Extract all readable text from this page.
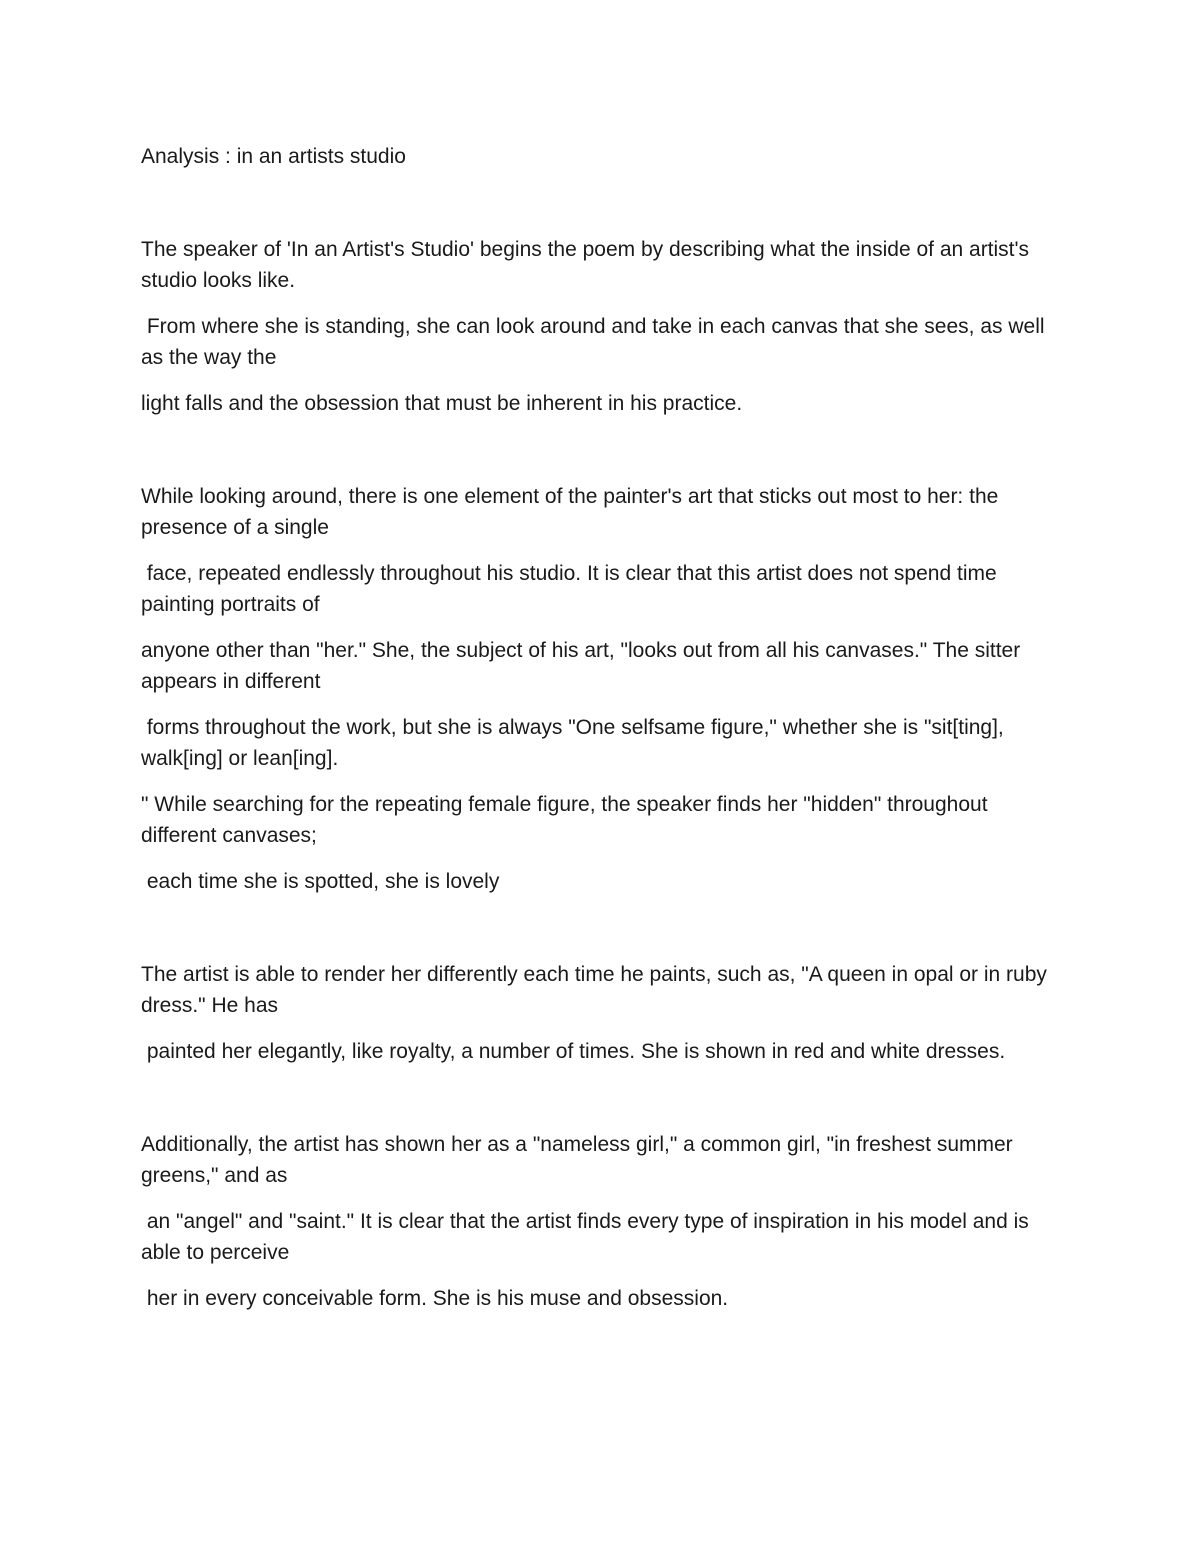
Analysis : in an artists studio

The speaker of 'In an Artist's Studio' begins the poem by describing what the inside of an artist's studio looks like.

From where she is standing, she can look around and take in each canvas that she sees, as well as the way the

light falls and the obsession that must be inherent in his practice.

While looking around, there is one element of the painter's art that sticks out most to her: the presence of a single

face, repeated endlessly throughout his studio. It is clear that this artist does not spend time painting portraits of

anyone other than "her." She, the subject of his art, "looks out from all his canvases." The sitter appears in different

forms throughout the work, but she is always "One selfsame figure," whether she is "sit[ting], walk[ing] or lean[ing].

" While searching for the repeating female figure, the speaker finds her "hidden" throughout different canvases;

each time she is spotted, she is lovely

The artist is able to render her differently each time he paints, such as, "A queen in opal or in ruby dress." He has

painted her elegantly, like royalty, a number of times. She is shown in red and white dresses.

Additionally, the artist has shown her as a "nameless girl," a common girl, "in freshest summer greens," and as

an "angel" and "saint." It is clear that the artist finds every type of inspiration in his model and is able to perceive

her in every conceivable form. She is his muse and obsession.
